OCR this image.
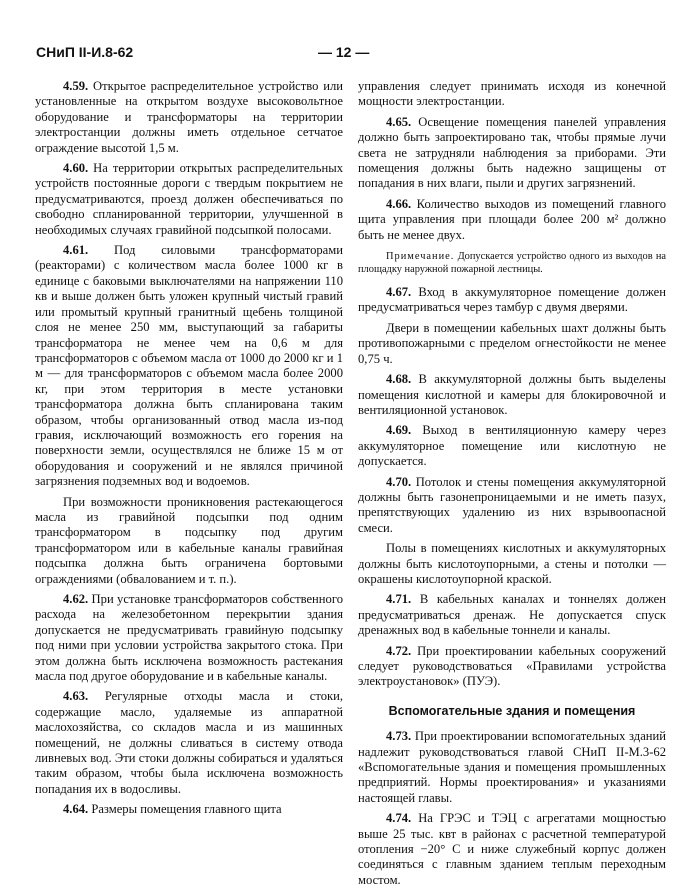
СНиП II-И.8-62	— 12 —

4.59. Открытое распределительное устройство или установленные на открытом воздухе высоковольтное оборудование и трансформаторы на территории электростанции должны иметь отдельное сетчатое ограждение высотой 1,5 м.

4.60. На территории открытых распределительных устройств постоянные дороги с твердым покрытием не предусматриваются, проезд должен обеспечиваться по свободно спланированной территории, улучшенной в необходимых случаях гравийной подсыпкой полосами.

4.61. Под силовыми трансформаторами (реакторами) с количеством масла более 1000 кг в единице с баковыми выключателями на напряжении 110 кв и выше должен быть уложен крупный чистый гравий или промытый крупный гранитный щебень толщиной слоя не менее 250 мм, выступающий за габариты трансформатора не менее чем на 0,6 м для трансформаторов с объемом масла от 1000 до 2000 кг и 1 м — для трансформаторов с объемом масла более 2000 кг, при этом территория в месте установки трансформатора должна быть спланирована таким образом, чтобы организованный отвод масла из-под гравия, исключающий возможность его горения на поверхности земли, осуществлялся не ближе 15 м от оборудования и сооружений и не являлся причиной загрязнения подземных вод и водоемов.

При возможности проникновения растекающегося масла из гравийной подсыпки под одним трансформатором в подсыпку под другим трансформатором или в кабельные каналы гравийная подсыпка должна быть ограничена бортовыми ограждениями (обвалованием и т. п.).

4.62. При установке трансформаторов собственного расхода на железобетонном перекрытии здания допускается не предусматривать гравийную подсыпку под ними при условии устройства закрытого стока. При этом должна быть исключена возможность растекания масла под другое оборудование и в кабельные каналы.

4.63. Регулярные отходы масла и стоки, содержащие масло, удаляемые из аппаратной маслохозяйства, со складов масла и из машинных помещений, не должны сливаться в систему отвода ливневых вод. Эти стоки должны собираться и удаляться таким образом, чтобы была исключена возможность попадания их в водосливы.

4.64. Размеры помещения главного щита

управления следует принимать исходя из конечной мощности электростанции.

4.65. Освещение помещения панелей управления должно быть запроектировано так, чтобы прямые лучи света не затрудняли наблюдения за приборами. Эти помещения должны быть надежно защищены от попадания в них влаги, пыли и других загрязнений.

4.66. Количество выходов из помещений главного щита управления при площади более 200 м² должно быть не менее двух.

Примечание. Допускается устройство одного из выходов на площадку наружной пожарной лестницы.

4.67. Вход в аккумуляторное помещение должен предусматриваться через тамбур с двумя дверями.

Двери в помещении кабельных шахт должны быть противопожарными с пределом огнестойкости не менее 0,75 ч.

4.68. В аккумуляторной должны быть выделены помещения кислотной и камеры для блокировочной и вентиляционной установок.

4.69. Выход в вентиляционную камеру через аккумуляторное помещение или кислотную не допускается.

4.70. Потолок и стены помещения аккумуляторной должны быть газонепроницаемыми и не иметь пазух, препятствующих удалению из них взрывоопасной смеси.

Полы в помещениях кислотных и аккумуляторных должны быть кислотоупорными, а стены и потолки — окрашены кислотоупорной краской.

4.71. В кабельных каналах и тоннелях должен предусматриваться дренаж. Не допускается спуск дренажных вод в кабельные тоннели и каналы.

4.72. При проектировании кабельных сооружений следует руководствоваться «Правилами устройства электроустановок» (ПУЭ).

Вспомогательные здания и помещения

4.73. При проектировании вспомогательных зданий надлежит руководствоваться главой СНиП II-М.3-62 «Вспомогательные здания и помещения промышленных предприятий. Нормы проектирования» и указаниями настоящей главы.

4.74. На ГРЭС и ТЭЦ с агрегатами мощностью выше 25 тыс. квт в районах с расчетной температурой отопления −20° С и ниже служебный корпус должен соединяться с главным зданием теплым переходным мостом.
